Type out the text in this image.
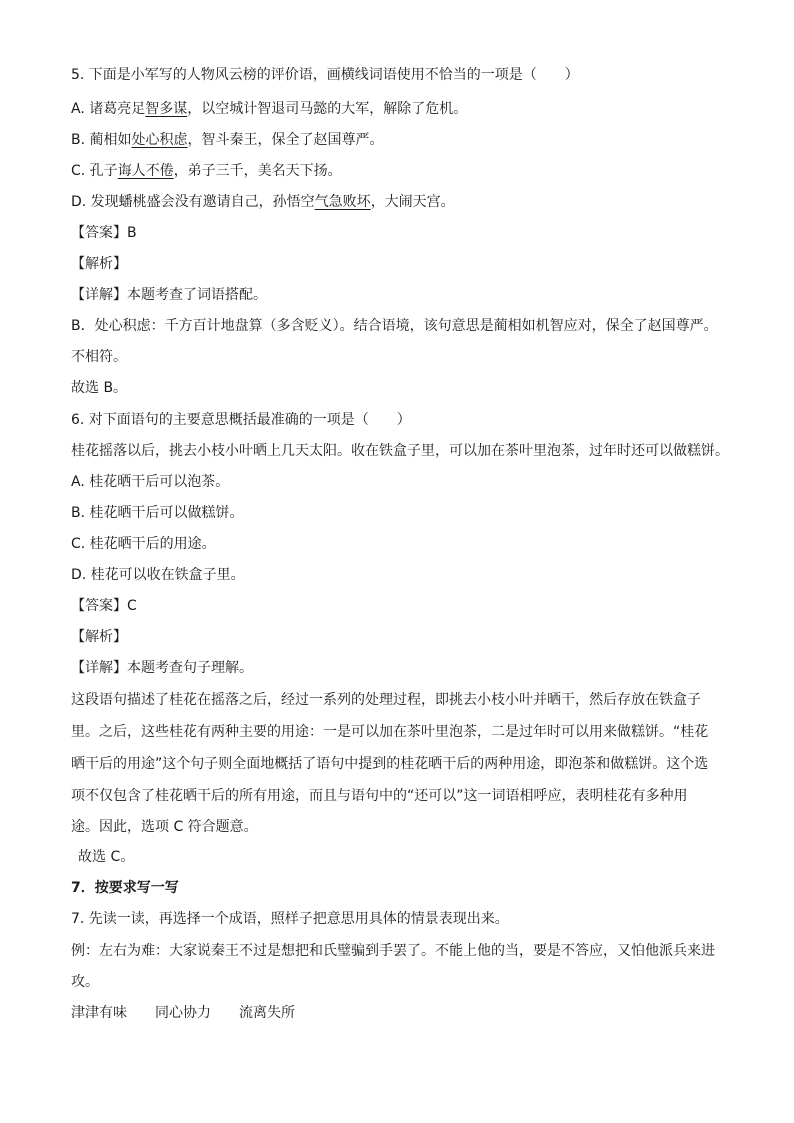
5. 下面是小军写的人物风云榜的评价语，画横线词语使用不恰当的一项是（　　）
A. 诸葛亮足智多谋，以空城计智退司马懿的大军，解除了危机。
B. 蔺相如处心积虑，智斗秦王，保全了赵国尊严。
C. 孔子诲人不倦，弟子三千，美名天下扬。
D. 发现蟠桃盛会没有邀请自己，孙悟空气急败坏，大闹天宫。
【答案】B
【解析】
【详解】本题考查了词语搭配。
B．处心积虑：千方百计地盘算（多含贬义）。结合语境，该句意思是蔺相如机智应对，保全了赵国尊严。
不相符。
故选 B。
6. 对下面语句的主要意思概括最准确的一项是（　　）
桂花摇落以后，挑去小枝小叶晒上几天太阳。收在铁盒子里，可以加在茶叶里泡茶，过年时还可以做糕饼。
A. 桂花晒干后可以泡茶。
B. 桂花晒干后可以做糕饼。
C. 桂花晒干后的用途。
D. 桂花可以收在铁盒子里。
【答案】C
【解析】
【详解】本题考查句子理解。
这段语句描述了桂花在摇落之后，经过一系列的处理过程，即挑去小枝小叶并晒干，然后存放在铁盒子
里。之后，这些桂花有两种主要的用途：一是可以加在茶叶里泡茶，二是过年时可以用来做糕饼。“桂花
晒干后的用途”这个句子则全面地概括了语句中提到的桂花晒干后的两种用途，即泡茶和做糕饼。这个选
项不仅包含了桂花晒干后的所有用途，而且与语句中的“还可以”这一词语相呼应，表明桂花有多种用
途。因此，选项 C 符合题意。
故选 C。
7．按要求写一写
7. 先读一读，再选择一个成语，照样子把意思用具体的情景表现出来。
例：左右为难：大家说秦王不过是想把和氏璧骗到手罢了。不能上他的当，要是不答应，又怕他派兵来进
攻。
津津有味 同心协力 流离失所
